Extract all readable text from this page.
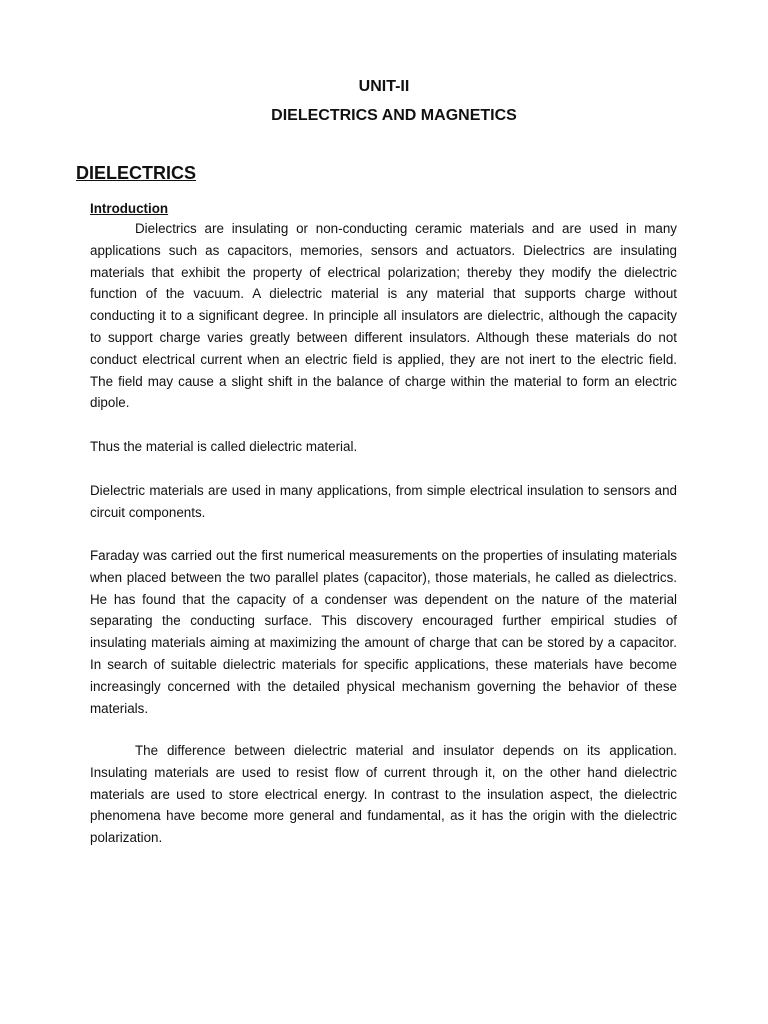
UNIT-II
DIELECTRICS AND MAGNETICS
DIELECTRICS

Introduction

Dielectrics are insulating or non-conducting ceramic materials and are used in many applications such as capacitors, memories, sensors and actuators. Dielectrics are insulating materials that exhibit the property of electrical polarization; thereby they modify the dielectric function of the vacuum. A dielectric material is any material that supports charge without conducting it to a significant degree. In principle all insulators are dielectric, although the capacity to support charge varies greatly between different insulators. Although these materials do not conduct electrical current when an electric field is applied, they are not inert to the electric field. The field may cause a slight shift in the balance of charge within the material to form an electric dipole.

Thus the material is called dielectric material.

Dielectric materials are used in many applications, from simple electrical insulation to sensors and circuit components.

Faraday was carried out the first numerical measurements on the properties of insulating materials when placed between the two parallel plates (capacitor), those materials, he called as dielectrics. He has found that the capacity of a condenser was dependent on the nature of the material separating the conducting surface. This discovery encouraged further empirical studies of insulating materials aiming at maximizing the amount of charge that can be stored by a capacitor. In search of suitable dielectric materials for specific applications, these materials have become increasingly concerned with the detailed physical mechanism governing the behavior of these materials.

The difference between dielectric material and insulator depends on its application. Insulating materials are used to resist flow of current through it, on the other hand dielectric materials are used to store electrical energy. In contrast to the insulation aspect, the dielectric phenomena have become more general and fundamental, as it has the origin with the dielectric polarization.
